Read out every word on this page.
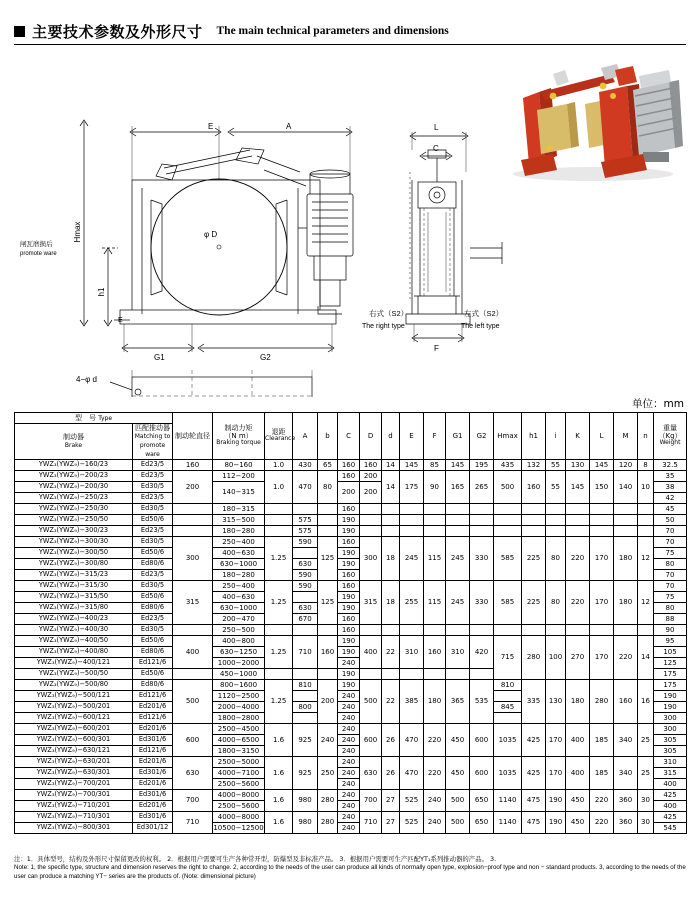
主要技术参数及外形尺寸 The main technical parameters and dimensions
E	A	L
C
Hmax
h1
φ D
G1	G2
4−φ d
F
E
右式（S2）
The right type
左式（S2）
The left type
闸瓦磨损后
promote ware
单位：mm
型　号 Type	制动轮直径	
制动力矩
（N m）
Braking torque

退距
Clearance	A	b	C	D	d	E	F	G1	G2	Hmax	h1	i	K	L	M	n	
重量
（Kg）
Weight

制动器
Brake	匹配推动器
Matching to promote ware																				
YWZ₃(YWZ₉)−160/23	Ed23/5	160	80−160	1.0	430	65	160	160	14	145	85	145	195	435	132	55	130	145	120	8	32.5
YWZ₃(YWZ₉)−200/23	Ed23/5	200	112−200	1.0	470	80	160	200	14	175	90	165	265	500	160	55	145	150	140	10	35
YWZ₃(YWZ₉)−200/30	Ed30/5		140−315				200	200													38
YWZ₃(YWZ₉)−250/23	Ed23/5																				42
YWZ₃(YWZ₉)−250/30	Ed30/5		180−315				160														45
YWZ₃(YWZ₉)−250/50	Ed50/6		315−500		575		190														50
YWZ₃(YWZ₉)−300/23	Ed23/5		180−280		575		190														70
YWZ₃(YWZ₉)−300/30	Ed30/5	300	250−400	1.25	590	125	160	300	18	245	115	245	330	585	225	80	220	170	180	12	70
YWZ₃(YWZ₉)−300/50	Ed50/6		400−630				190														75
YWZ₃(YWZ₉)−300/80	Ed80/6		630−1000		630		190														80
YWZ₃(YWZ₉)−315/23	Ed23/5		180−280		590		160														70
YWZ₃(YWZ₉)−315/30	Ed30/5	315	250−400	1.25	590	125	160	315	18	255	115	245	330	585	225	80	220	170	180	12	70
YWZ₃(YWZ₉)−315/50	Ed50/6		400−630				190														75
YWZ₃(YWZ₉)−315/80	Ed80/6		630−1000		630		190														80
YWZ₃(YWZ₉)−400/23	Ed23/5		200−470		670		160														88
YWZ₃(YWZ₉)−400/30	Ed30/5		250−500				160														90
YWZ₃(YWZ₉)−400/50	Ed50/6	400	400−800	1.25	710	160	190	400	22	310	160	310	420	715	280	100	270	170	220	14	95
YWZ₃(YWZ₉)−400/80	Ed80/6		630−1250				190														105
YWZ₃(YWZ₉)−400/121	Ed121/6		1000−2000				240														125
YWZ₃(YWZ₉)−500/50	Ed50/6		450−1000				190														175
YWZ₃(YWZ₉)−500/80	Ed80/6	500	800−1600	1.25	810	200	190	500	22	385	180	365	535	810	335	130	180	280	160	16	175
YWZ₃(YWZ₉)−500/121	Ed121/6		1120−2500				240														190
YWZ₃(YWZ₉)−500/201	Ed201/6		2000−4000		800		240							845							190
YWZ₃(YWZ₉)−600/121	Ed121/6		1800−2800				240														300
YWZ₃(YWZ₉)−600/201	Ed201/6	600	2500−4500	1.6	925	240	240	600	26	470	220	450	600	1035	425	170	400	185	340	25	300
YWZ₃(YWZ₉)−600/301	Ed301/6		4000−6500				240														305
YWZ₃(YWZ₉)−630/121	Ed121/6		1800−3150				240														305
YWZ₃(YWZ₉)−630/201	Ed201/6	630	2500−5000	1.6	925	250	240	630	26	470	220	450	600	1035	425	170	400	185	340	25	310
YWZ₃(YWZ₉)−630/301	Ed301/6		4000−7100				240														315
YWZ₃(YWZ₉)−700/201	Ed201/6		2500−5600				240														400
YWZ₃(YWZ₉)−700/301	Ed301/6	700	4000−8000	1.6	980	280	240	700	27	525	240	500	650	1140	475	190	450	220	360	30	425
YWZ₃(YWZ₉)−710/201	Ed201/6		2500−5600				240														400
YWZ₃(YWZ₉)−710/301	Ed301/6	710	4000−8000	1.6	980	280	240	710	27	525	240	500	650	1140	475	190	450	220	360	30	425
YWZ₃(YWZ₉)−800/301	Ed301/12		10500−12500				240														545
注：1．具体型号，结构及外形尺寸保留更改的权利。 2．根据用户需要可生产各种常开型，防爆型及非标准产品。 3．根据用户需要可生产匹配YT₁系列推动器的产品。 3.
Note: 1, the specific type, structure and dimension reserves the right to change. 2, according to the needs of the user can produce all kinds of normally open type, explosion−proof type and non − standard products. 3, according to the needs of the user can produce a matching YT− series are the products of. (Note: dimensional picture)
